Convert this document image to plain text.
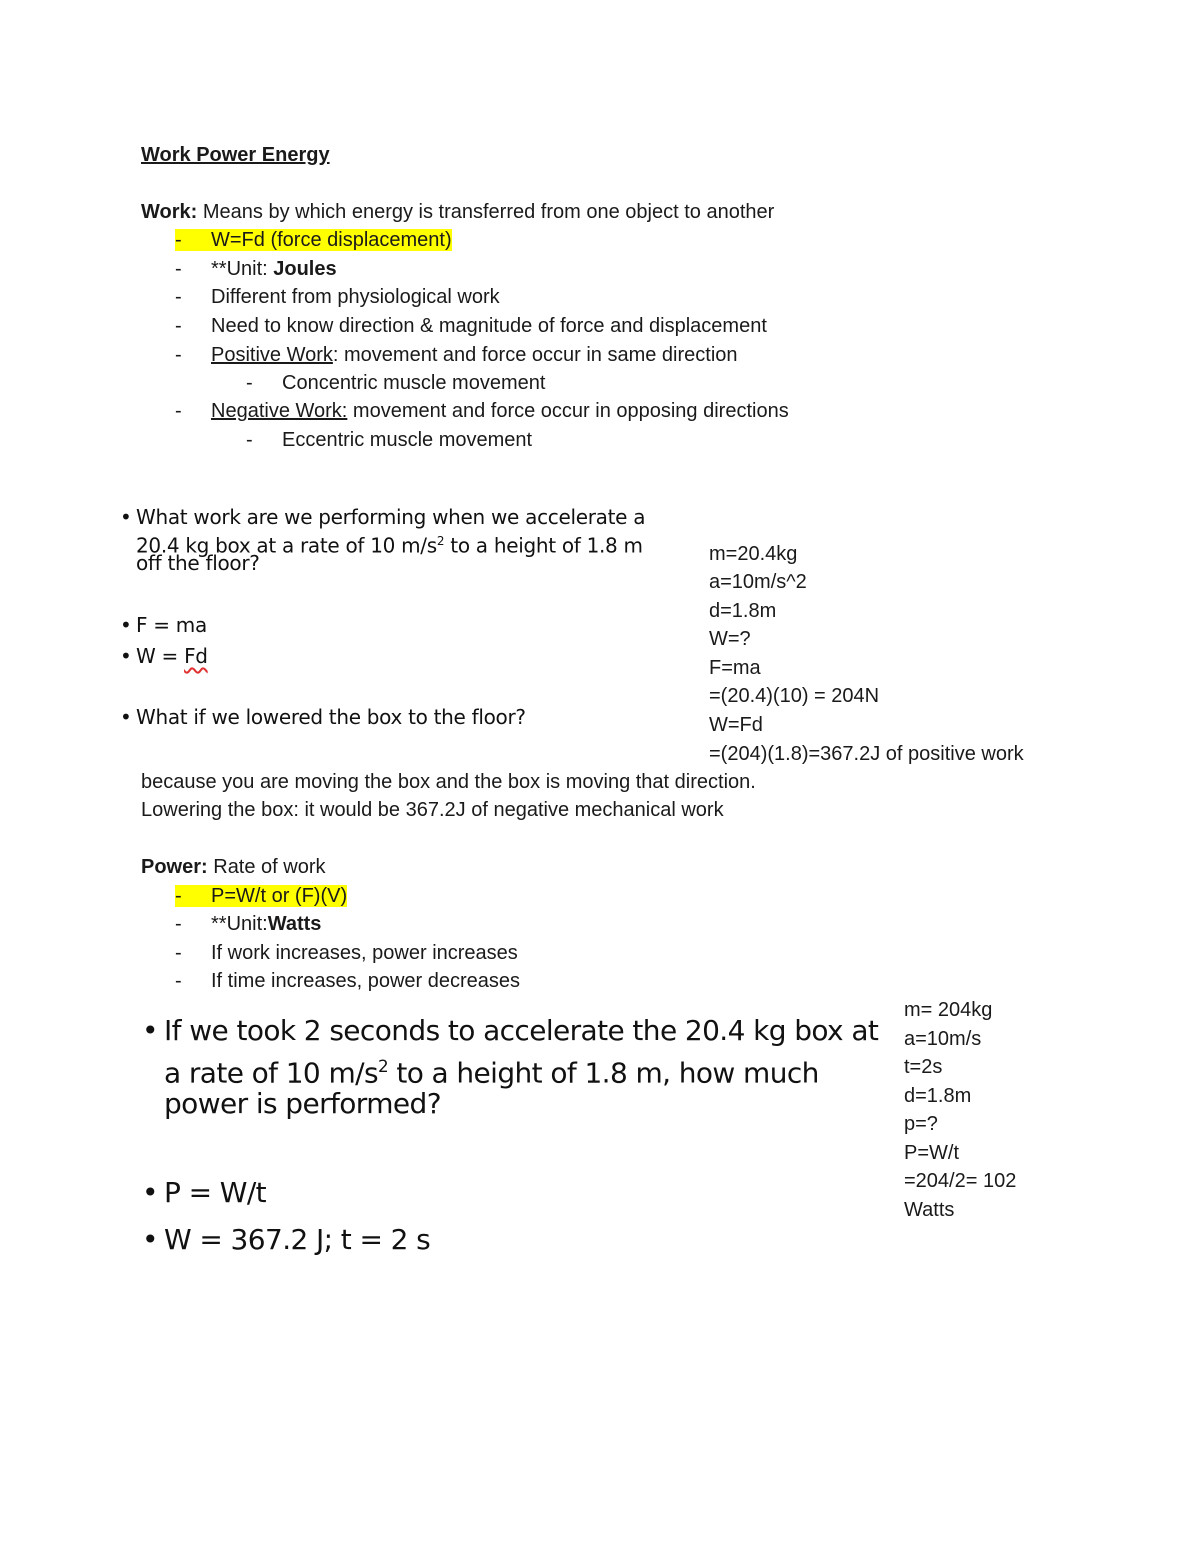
Work Power Energy
Work: Means by which energy is transferred from one object to another
- W=Fd (force displacement)
- **Unit: Joules
- Different from physiological work
- Need to know direction & magnitude of force and displacement
- Positive Work: movement and force occur in same direction
- Concentric muscle movement
- Negative Work: movement and force occur in opposing directions
- Eccentric muscle movement
• What work are we performing when we accelerate a
20.4 kg box at a rate of 10 $m/s^2$ to a height of 1.8 m
off the floor?
• F = ma
• W = Fd
• What if we lowered the box to the floor?
m=20.4kg
a=10m/s^2
d=1.8m
W=?
F=ma
=(20.4)(10) = 204N
W=Fd
=(204)(1.8)=367.2J of positive work
because you are moving the box and the box is moving that direction.
Lowering the box: it would be 367.2J of negative mechanical work
Power: Rate of work
- P=W/t or (F)(V)
- **Unit:Watts
- If work increases, power increases
- If time increases, power decreases
• If we took 2 seconds to accelerate the 20.4 kg box at
a rate of 10 $m/s^2$ to a height of 1.8 m, how much
power is performed?
• P = W/t
• W = 367.2 J; t = 2 s
m= 204kg
a=10m/s
t=2s
d=1.8m
p=?
P=W/t
=204/2= 102
Watts
